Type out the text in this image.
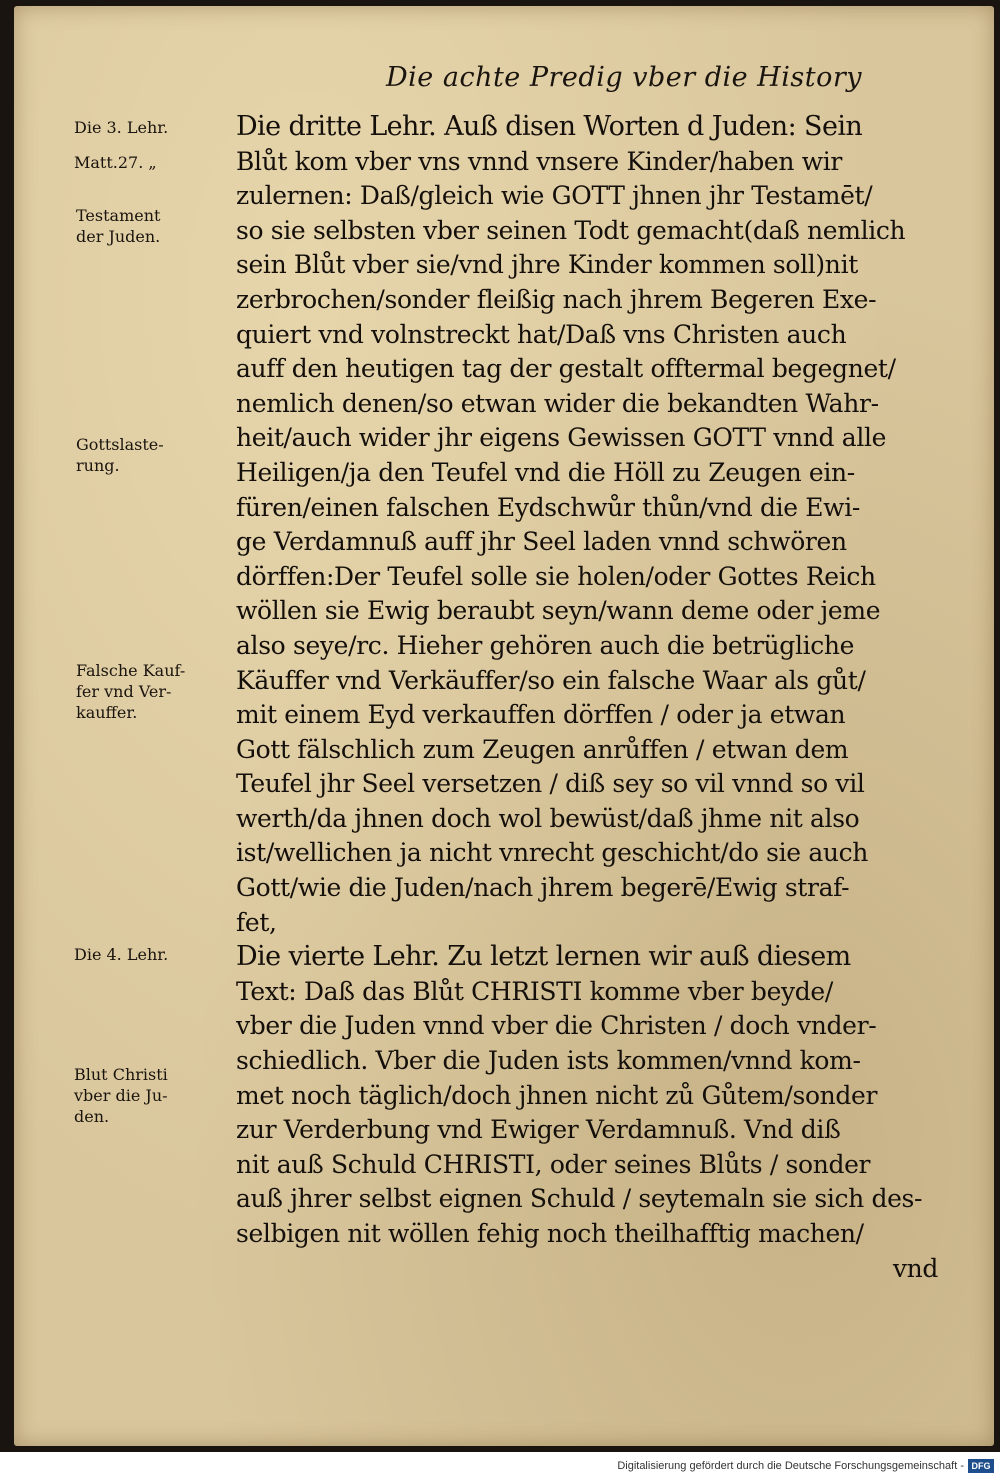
Die achte Predig vber die History
Die 3. Lehr.
Matt.27. „
Testament
der Juden.
Gottslaste-
rung.
Falsche Kauf-
fer vnd Ver-
kauffer.
Die 4. Lehr.
Blut Christi
vber die Ju-
den.
Die dritte Lehr. Auß disen Worten d Juden: Sein
Blůt kom vber vns vnnd vnsere Kinder/haben wir
zulernen: Daß/gleich wie GOTT jhnen jhr Testamēt/
so sie selbsten vber seinen Todt gemacht(daß nemlich
sein Blůt vber sie/vnd jhre Kinder kommen soll)nit
zerbrochen/sonder fleißig nach jhrem Begeren Exe-
quiert vnd volnstreckt hat/Daß vns Christen auch
auff den heutigen tag der gestalt offtermal begegnet/
nemlich denen/so etwan wider die bekandten Wahr-
heit/auch wider jhr eigens Gewissen GOTT vnnd alle
Heiligen/ja den Teufel vnd die Höll zu Zeugen ein-
füren/einen falschen Eydschwůr thůn/vnd die Ewi-
ge Verdamnuß auff jhr Seel laden vnnd schwören
dörffen:Der Teufel solle sie holen/oder Gottes Reich
wöllen sie Ewig beraubt seyn/wann deme oder jeme
also seye/rc. Hieher gehören auch die betrügliche
Käuffer vnd Verkäuffer/so ein falsche Waar als gůt/
mit einem Eyd verkauffen dörffen / oder ja etwan
Gott fälschlich zum Zeugen anrůffen / etwan dem
Teufel jhr Seel versetzen / diß sey so vil vnnd so vil
werth/da jhnen doch wol bewüst/daß jhme nit also
ist/wellichen ja nicht vnrecht geschicht/do sie auch
Gott/wie die Juden/nach jhrem begerē/Ewig straf-
fet,
Die vierte Lehr. Zu letzt lernen wir auß diesem
Text: Daß das Blůt CHRISTI komme vber beyde/
vber die Juden vnnd vber die Christen / doch vnder-
schiedlich. Vber die Juden ists kommen/vnnd kom-
met noch täglich/doch jhnen nicht zů Gůtem/sonder
zur Verderbung vnd Ewiger Verdamnuß. Vnd diß
nit auß Schuld CHRISTI, oder seines Blůts / sonder
auß jhrer selbst eignen Schuld / seytemaln sie sich des-
selbigen nit wöllen fehig noch theilhafftig machen/
vnd
Digitalisierung gefördert durch die Deutsche Forschungsgemeinschaft - DFG
